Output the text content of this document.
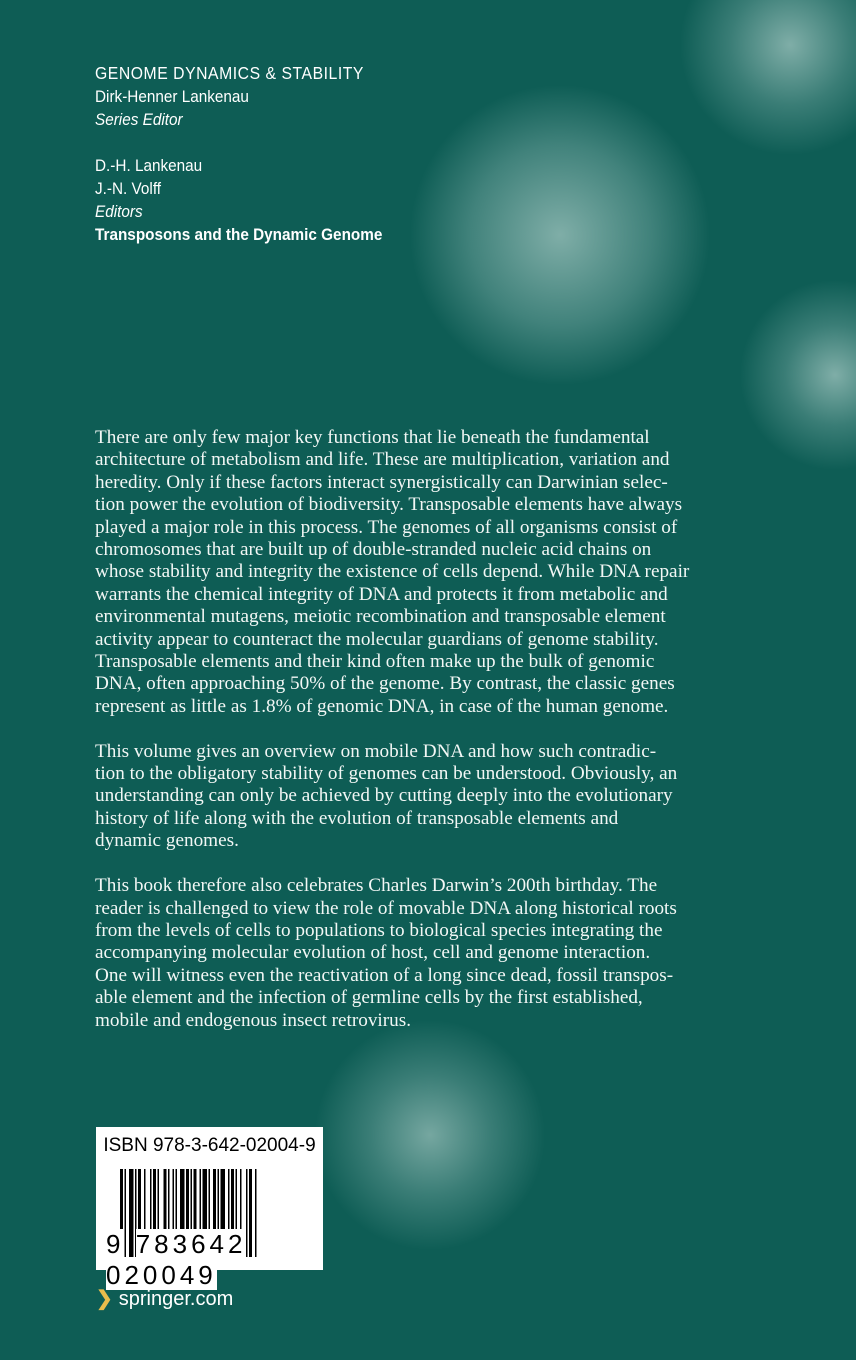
GENOME DYNAMICS & STABILITY
Dirk-Henner Lankenau
Series Editor
D.-H. Lankenau
J.-N. Volff
Editors
Transposons and the Dynamic Genome
There are only few major key functions that lie beneath the fundamental
architecture of metabolism and life. These are multiplication, variation and
heredity. Only if these factors interact synergistically can Darwinian selec-
tion power the evolution of biodiversity. Transposable elements have always
played a major role in this process. The genomes of all organisms consist of
chromosomes that are built up of double-stranded nucleic acid chains on
whose stability and integrity the existence of cells depend. While DNA repair
warrants the chemical integrity of DNA and protects it from metabolic and
environmental mutagens, meiotic recombination and transposable element
activity appear to counteract the molecular guardians of genome stability.
Transposable elements and their kind often make up the bulk of genomic
DNA, often approaching 50% of the genome. By contrast, the classic genes
represent as little as 1.8% of genomic DNA, in case of the human genome.
This volume gives an overview on mobile DNA and how such contradic-
tion to the obligatory stability of genomes can be understood. Obviously, an
understanding can only be achieved by cutting deeply into the evolutionary
history of life along with the evolution of transposable elements and
dynamic genomes.
This book therefore also celebrates Charles Darwin’s 200th birthday. The
reader is challenged to view the role of movable DNA along historical roots
from the levels of cells to populations to biological species integrating the
accompanying molecular evolution of host, cell and genome interaction.
One will witness even the reactivation of a long since dead, fossil transpos-
able element and the infection of germline cells by the first established,
mobile and endogenous insect retrovirus.
ISBN 978-3-642-02004-9
9 783642 020049
❯ springer.com
